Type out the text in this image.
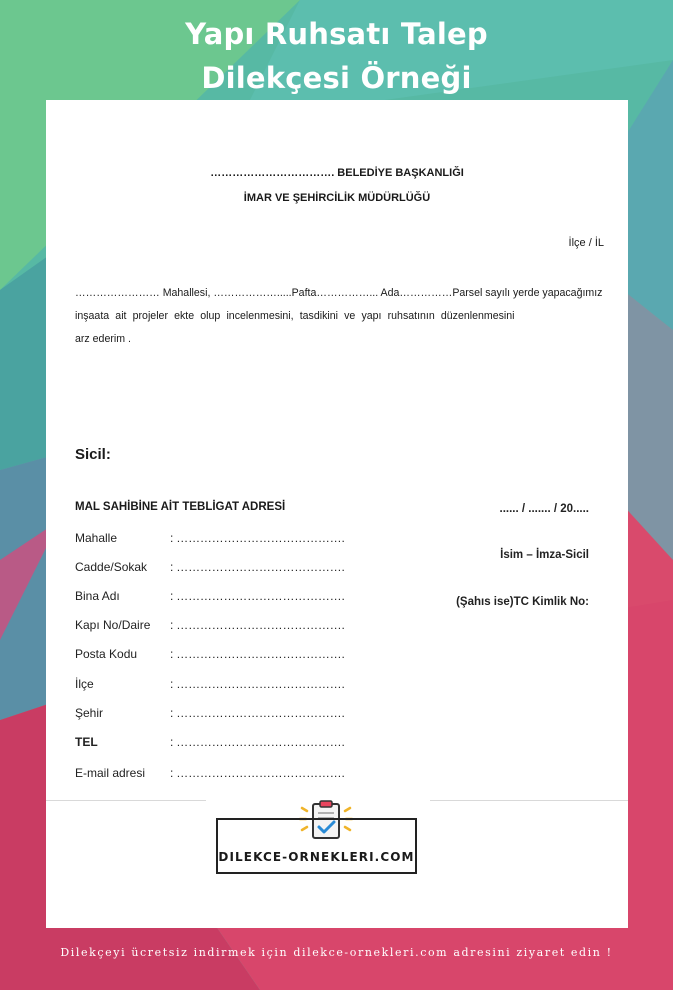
Yapı Ruhsatı Talep
Dilekçesi Örneği
……………………………. BELEDİYE BAŞKANLIĞI
İMAR VE ŞEHİRCİLİK MÜDÜRLÜĞÜ
İlçe / İL
…………………… Mahallesi, ……………….....Pafta……………... Ada……………Parsel sayılı yerde yapacağımız
inşaata ait projeler ekte olup incelenmesini, tasdikini ve yapı ruhsatının düzenlenmesini
arz ederim .
Sicil:
MAL SAHİBİNE AİT TEBLİGAT ADRESİ
Mahalle	: …………………………………….
Cadde/Sokak : …………………………………….
Bina Adı	: …………………………………….
Kapı No/Daire : …………………………………….
Posta Kodu	: …………………………………….
İlçe	: …………………………………….
Şehir	: …………………………………….
TEL	: …………………………………….
E-mail adresi : …………………………………….
...... / ....... / 20.....
İsim – İmza-Sicil
(Şahıs ise)TC Kimlik No:
DILEKCE-ORNEKLERI.COM
Dilekçeyi ücretsiz indirmek için dilekce-ornekleri.com adresini ziyaret edin !
